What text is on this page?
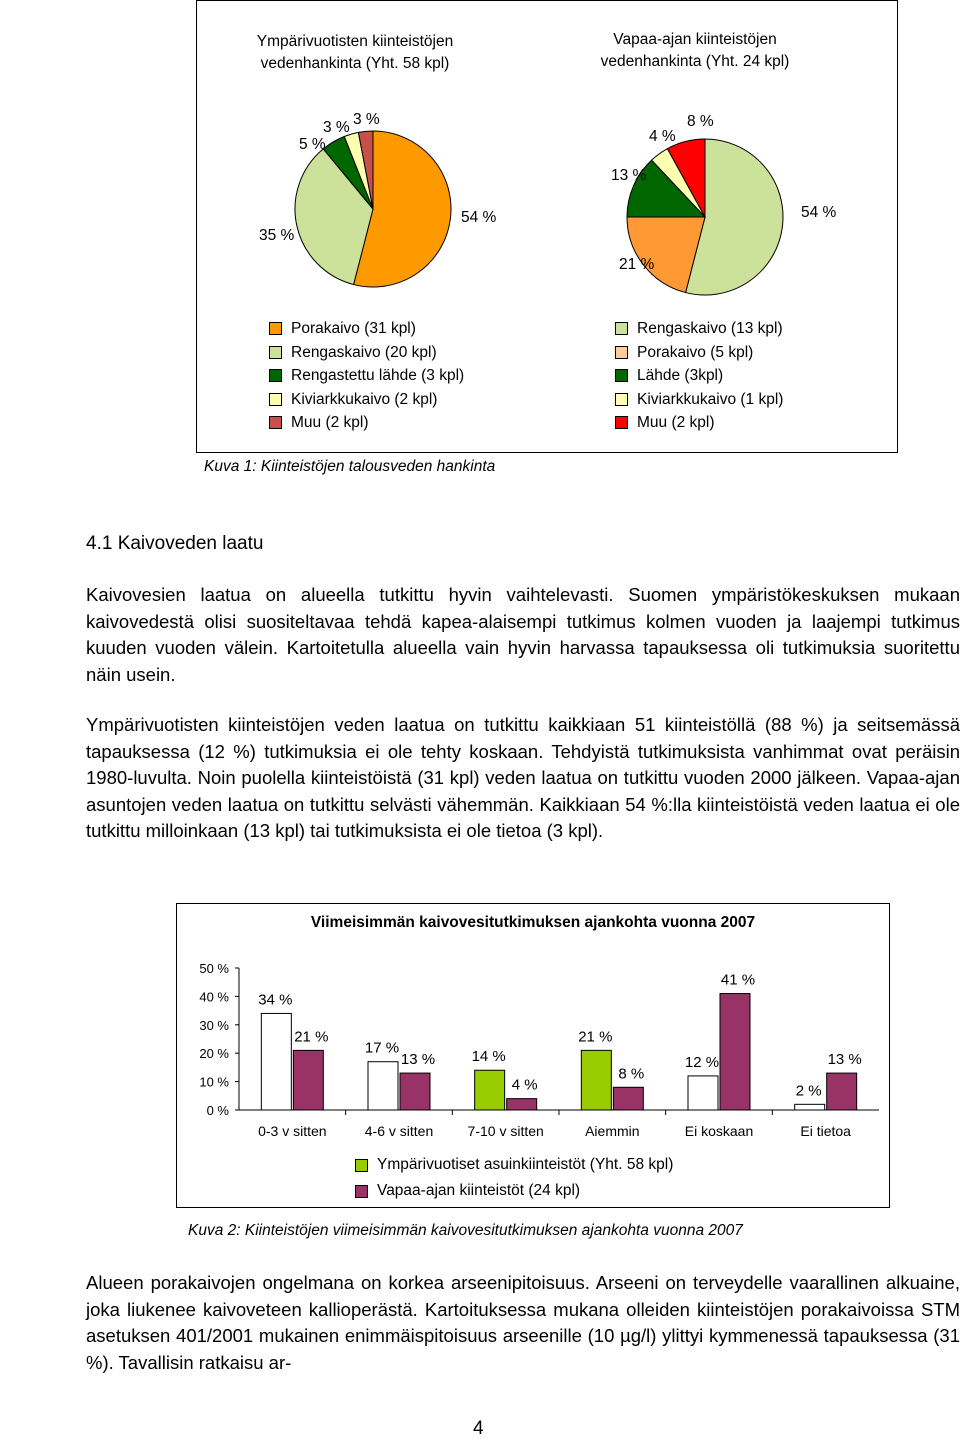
Ympärivuotisten kiinteistöjen vedenhankinta (Yht. 58 kpl)
Vapaa-ajan kiinteistöjen vedenhankinta (Yht. 24 kpl)
54 %
35 %
5 %
3 % 3 %
54 %
21 %
13 %
4 %
8 %
Porakaivo (31 kpl)
Rengaskaivo (20 kpl)
Rengastettu lähde (3 kpl)
Kiviarkkukaivo (2 kpl)
Muu (2 kpl)
Rengaskaivo (13 kpl)
Porakaivo (5 kpl)
Lähde (3kpl)
Kiviarkkukaivo (1 kpl)
Muu (2 kpl)
Kuva 1: Kiinteistöjen talousveden hankinta
4.1 Kaivoveden laatu
Kaivovesien laatua on alueella tutkittu hyvin vaihtelevasti. Suomen ympäristökeskuksen mukaan kaivovedestä olisi suositeltavaa tehdä kapea-alaisempi tutkimus kolmen vuoden ja laajempi tutkimus kuuden vuoden välein. Kartoitetulla alueella vain hyvin harvassa tapauksessa oli tutkimuksia suoritettu näin usein.
Ympärivuotisten kiinteistöjen veden laatua on tutkittu kaikkiaan 51 kiinteistöllä (88 %) ja seitsemässä tapauksessa (12 %) tutkimuksia ei ole tehty koskaan. Tehdyistä tutkimuksista vanhimmat ovat peräisin 1980-luvulta. Noin puolella kiinteistöistä (31 kpl) veden laatua on tutkittu vuoden 2000 jälkeen. Vapaa-ajan asuntojen veden laatua on tutkittu selvästi vähemmän. Kaikkiaan 54 %:lla kiinteistöistä veden laatua ei ole tutkittu milloinkaan (13 kpl) tai tutkimuksista ei ole tietoa (3 kpl).
Viimeisimmän kaivovesitutkimuksen ajankohta vuonna 2007
0 %
10 %
20 %
30 %
40 %
50 %
34 %
21 %
0-3 v sitten
17 %
13 %
4-6 v sitten
14 %
4 %
7-10 v sitten
21 %
8 %
Aiemmin
12 %
41 %
Ei koskaan
2 %
13 %
Ei tietoa
Ympärivuotiset asuinkiinteistöt (Yht. 58 kpl)
Vapaa-ajan kiinteistöt (24 kpl)
Kuva 2: Kiinteistöjen viimeisimmän kaivovesitutkimuksen ajankohta vuonna 2007
Alueen porakaivojen ongelmana on korkea arseenipitoisuus. Arseeni on terveydelle vaarallinen alkuaine, joka liukenee kaivoveteen kallioperästä. Kartoituksessa mukana olleiden kiinteistöjen porakaivoissa STM asetuksen 401/2001 mukainen enimmäispitoisuus arseenille (10 µg/l) ylittyi kymmenessä tapauksessa (31 %). Tavallisin ratkaisu ar-
4
